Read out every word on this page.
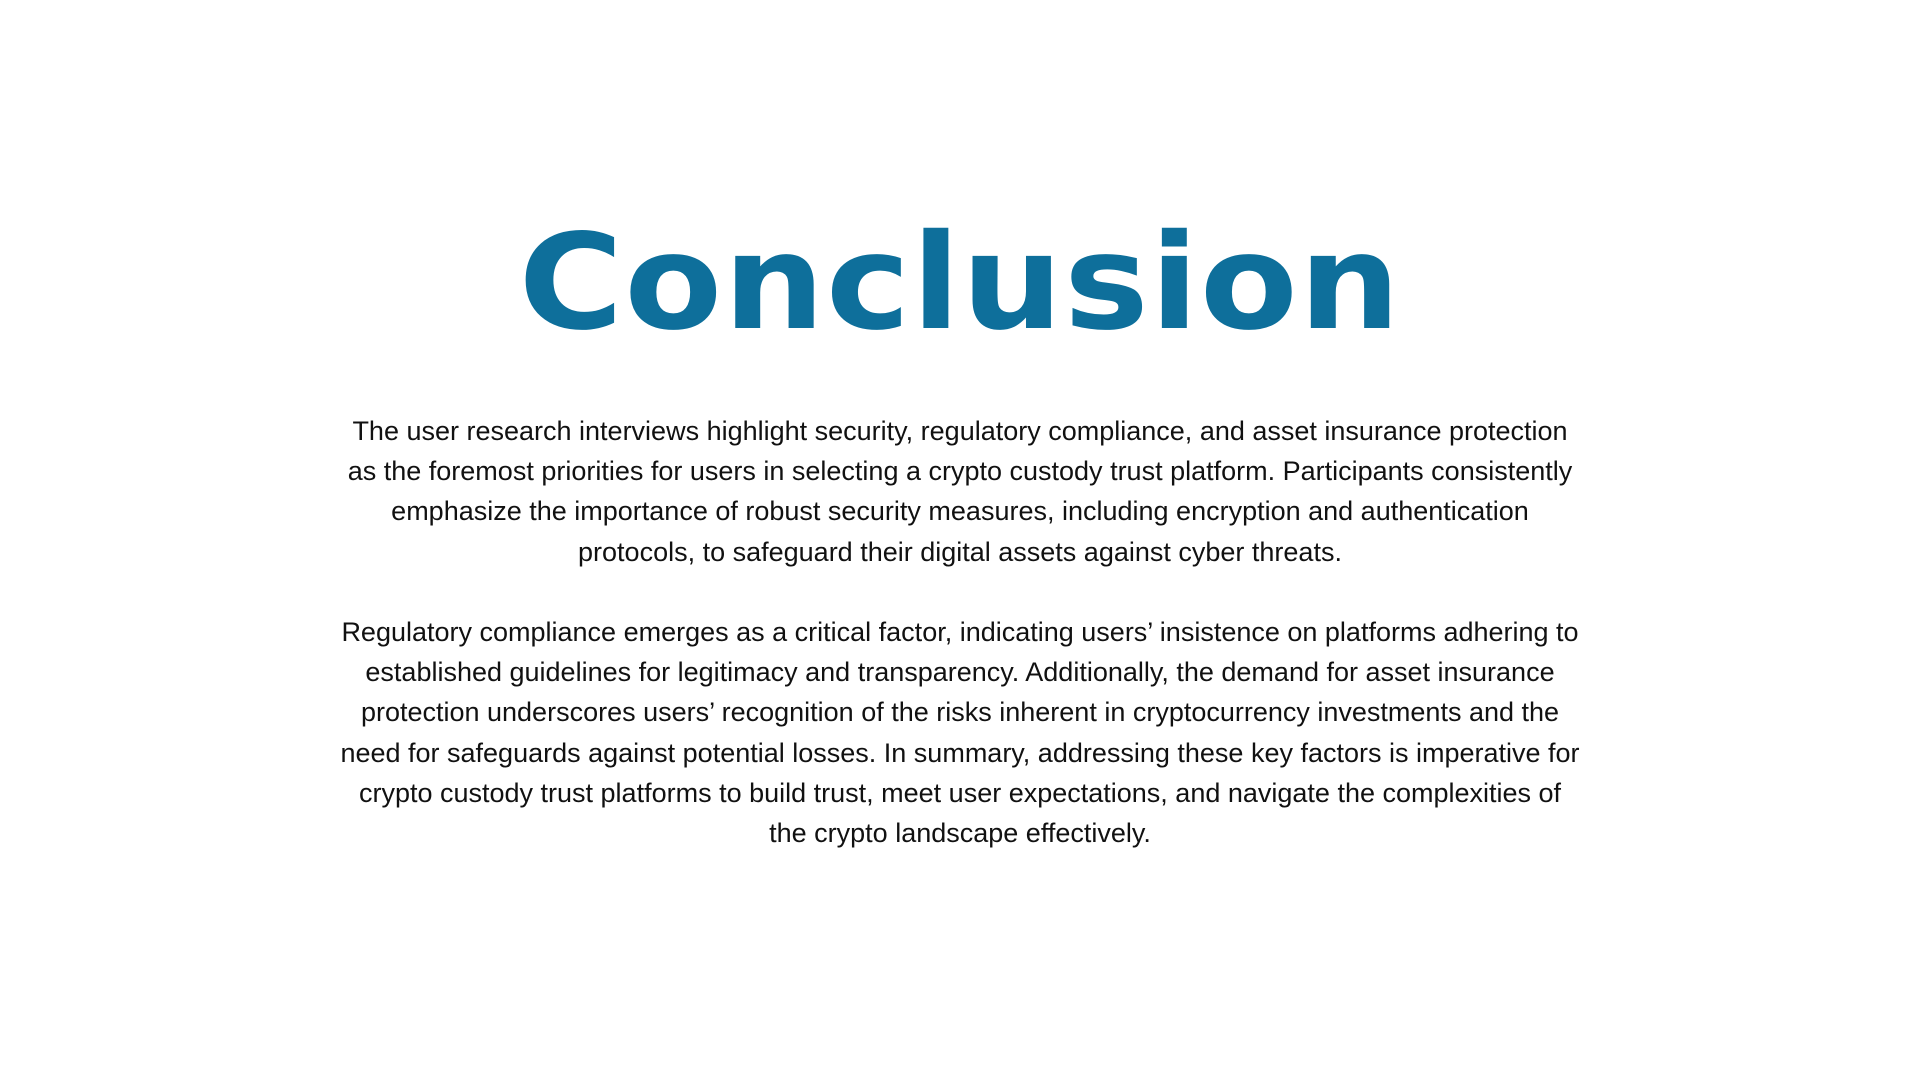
Conclusion

The user research interviews highlight security, regulatory compliance, and asset insurance protection as the foremost priorities for users in selecting a crypto custody trust platform. Participants consistently emphasize the importance of robust security measures, including encryption and authentication protocols, to safeguard their digital assets against cyber threats.

Regulatory compliance emerges as a critical factor, indicating users’ insistence on platforms adhering to established guidelines for legitimacy and transparency. Additionally, the demand for asset insurance protection underscores users’ recognition of the risks inherent in cryptocurrency investments and the need for safeguards against potential losses. In summary, addressing these key factors is imperative for crypto custody trust platforms to build trust, meet user expectations, and navigate the complexities of the crypto landscape effectively.
